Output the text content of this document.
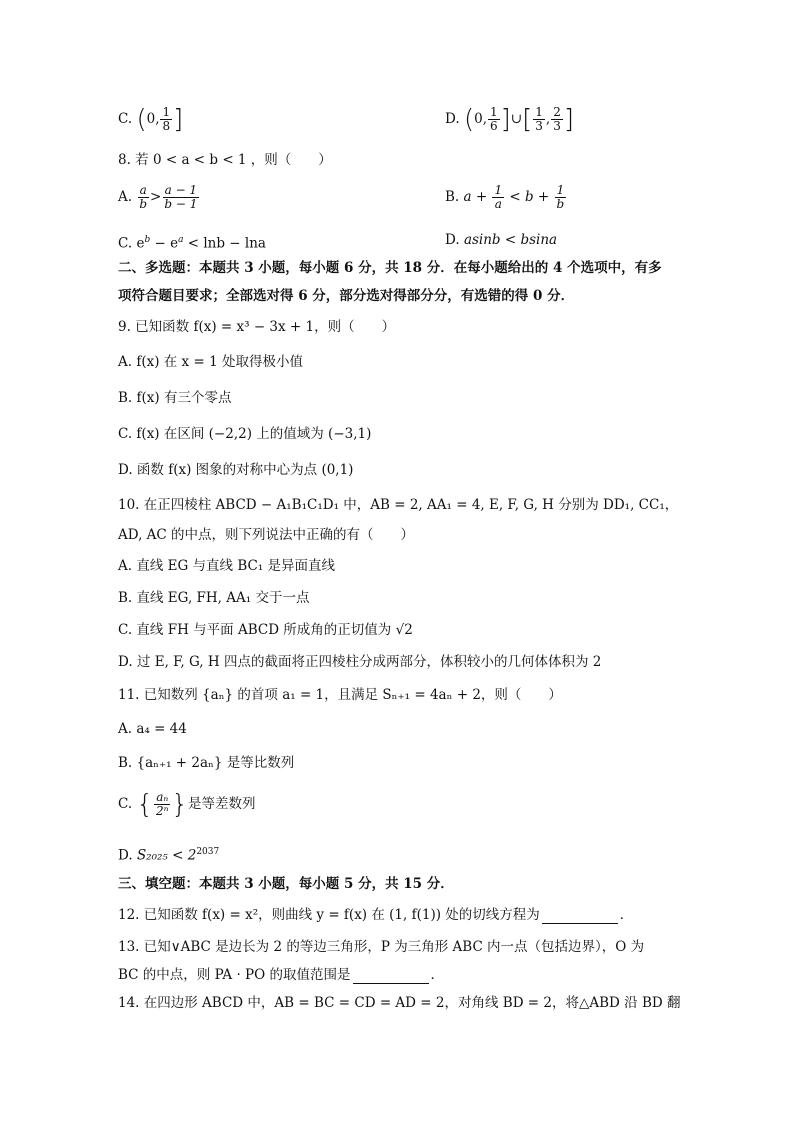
C. (0, $\frac{1}{8}$ ]	D. (0, $\frac{1}{6}$ ]∪[ $\frac{1}{3}$ , $\frac{2}{3}$ ]
8. 若 0 < a < b < 1 ，则（　　）
A. $\frac{a}{b} > \frac{a - 1}{b - 1}$	B. $a + \frac{1}{a} < b + \frac{1}{b}$
C. $e^b - e^a < \ln b - \ln a$	D. asinb < bsina
二、多选题：本题共 3 小题，每小题 6 分，共 18 分．在每小题给出的 4 个选项中，有多
项符合题目要求；全部选对得 6 分，部分选对得部分分，有选错的得 0 分．
9. 已知函数 f(x) = x³ − 3x + 1，则（　　）
A. f(x) 在 x = 1 处取得极小值
B. f(x) 有三个零点
C. f(x) 在区间 (−2,2) 上的值域为 (−3,1)
D. 函数 f(x) 图象的对称中心为点 (0,1)
10. 在正四棱柱 ABCD − A₁B₁C₁D₁ 中，AB = 2, AA₁ = 4, E, F, G, H 分别为 DD₁, CC₁，
AD, AC 的中点，则下列说法中正确的有（　　）
A. 直线 EG 与直线 BC₁ 是异面直线
B. 直线 EG, FH, AA₁ 交于一点
C. 直线 FH 与平面 ABCD 所成角的正切值为 √2
D. 过 E, F, G, H 四点的截面将正四棱柱分成两部分，体积较小的几何体体积为 2
11. 已知数列 {aₙ} 的首项 a₁ = 1，且满足 Sₙ₊₁ = 4aₙ + 2，则（　　）
A. a₄ = 44
B. {aₙ₊₁ + 2aₙ} 是等比数列
C. { $\frac{\text{aₙ}}{\text{2ⁿ}}$ }是等差数列
D. $S_{2025} < 2^{2037}$
三、填空题：本题共 3 小题，每小题 5 分，共 15 分．
12. 已知函数 f(x) = x²，则曲线 y = f(x) 在 (1, f(1)) 处的切线方程为	．
13. 已知∨ABC 是边长为 2 的等边三角形，P 为三角形 ABC 内一点（包括边界），O 为
BC 的中点，则 PA · PO 的取值范围是	．
14. 在四边形 ABCD 中，AB = BC = CD = AD = 2，对角线 BD = 2，将△ABD 沿 BD 翻
